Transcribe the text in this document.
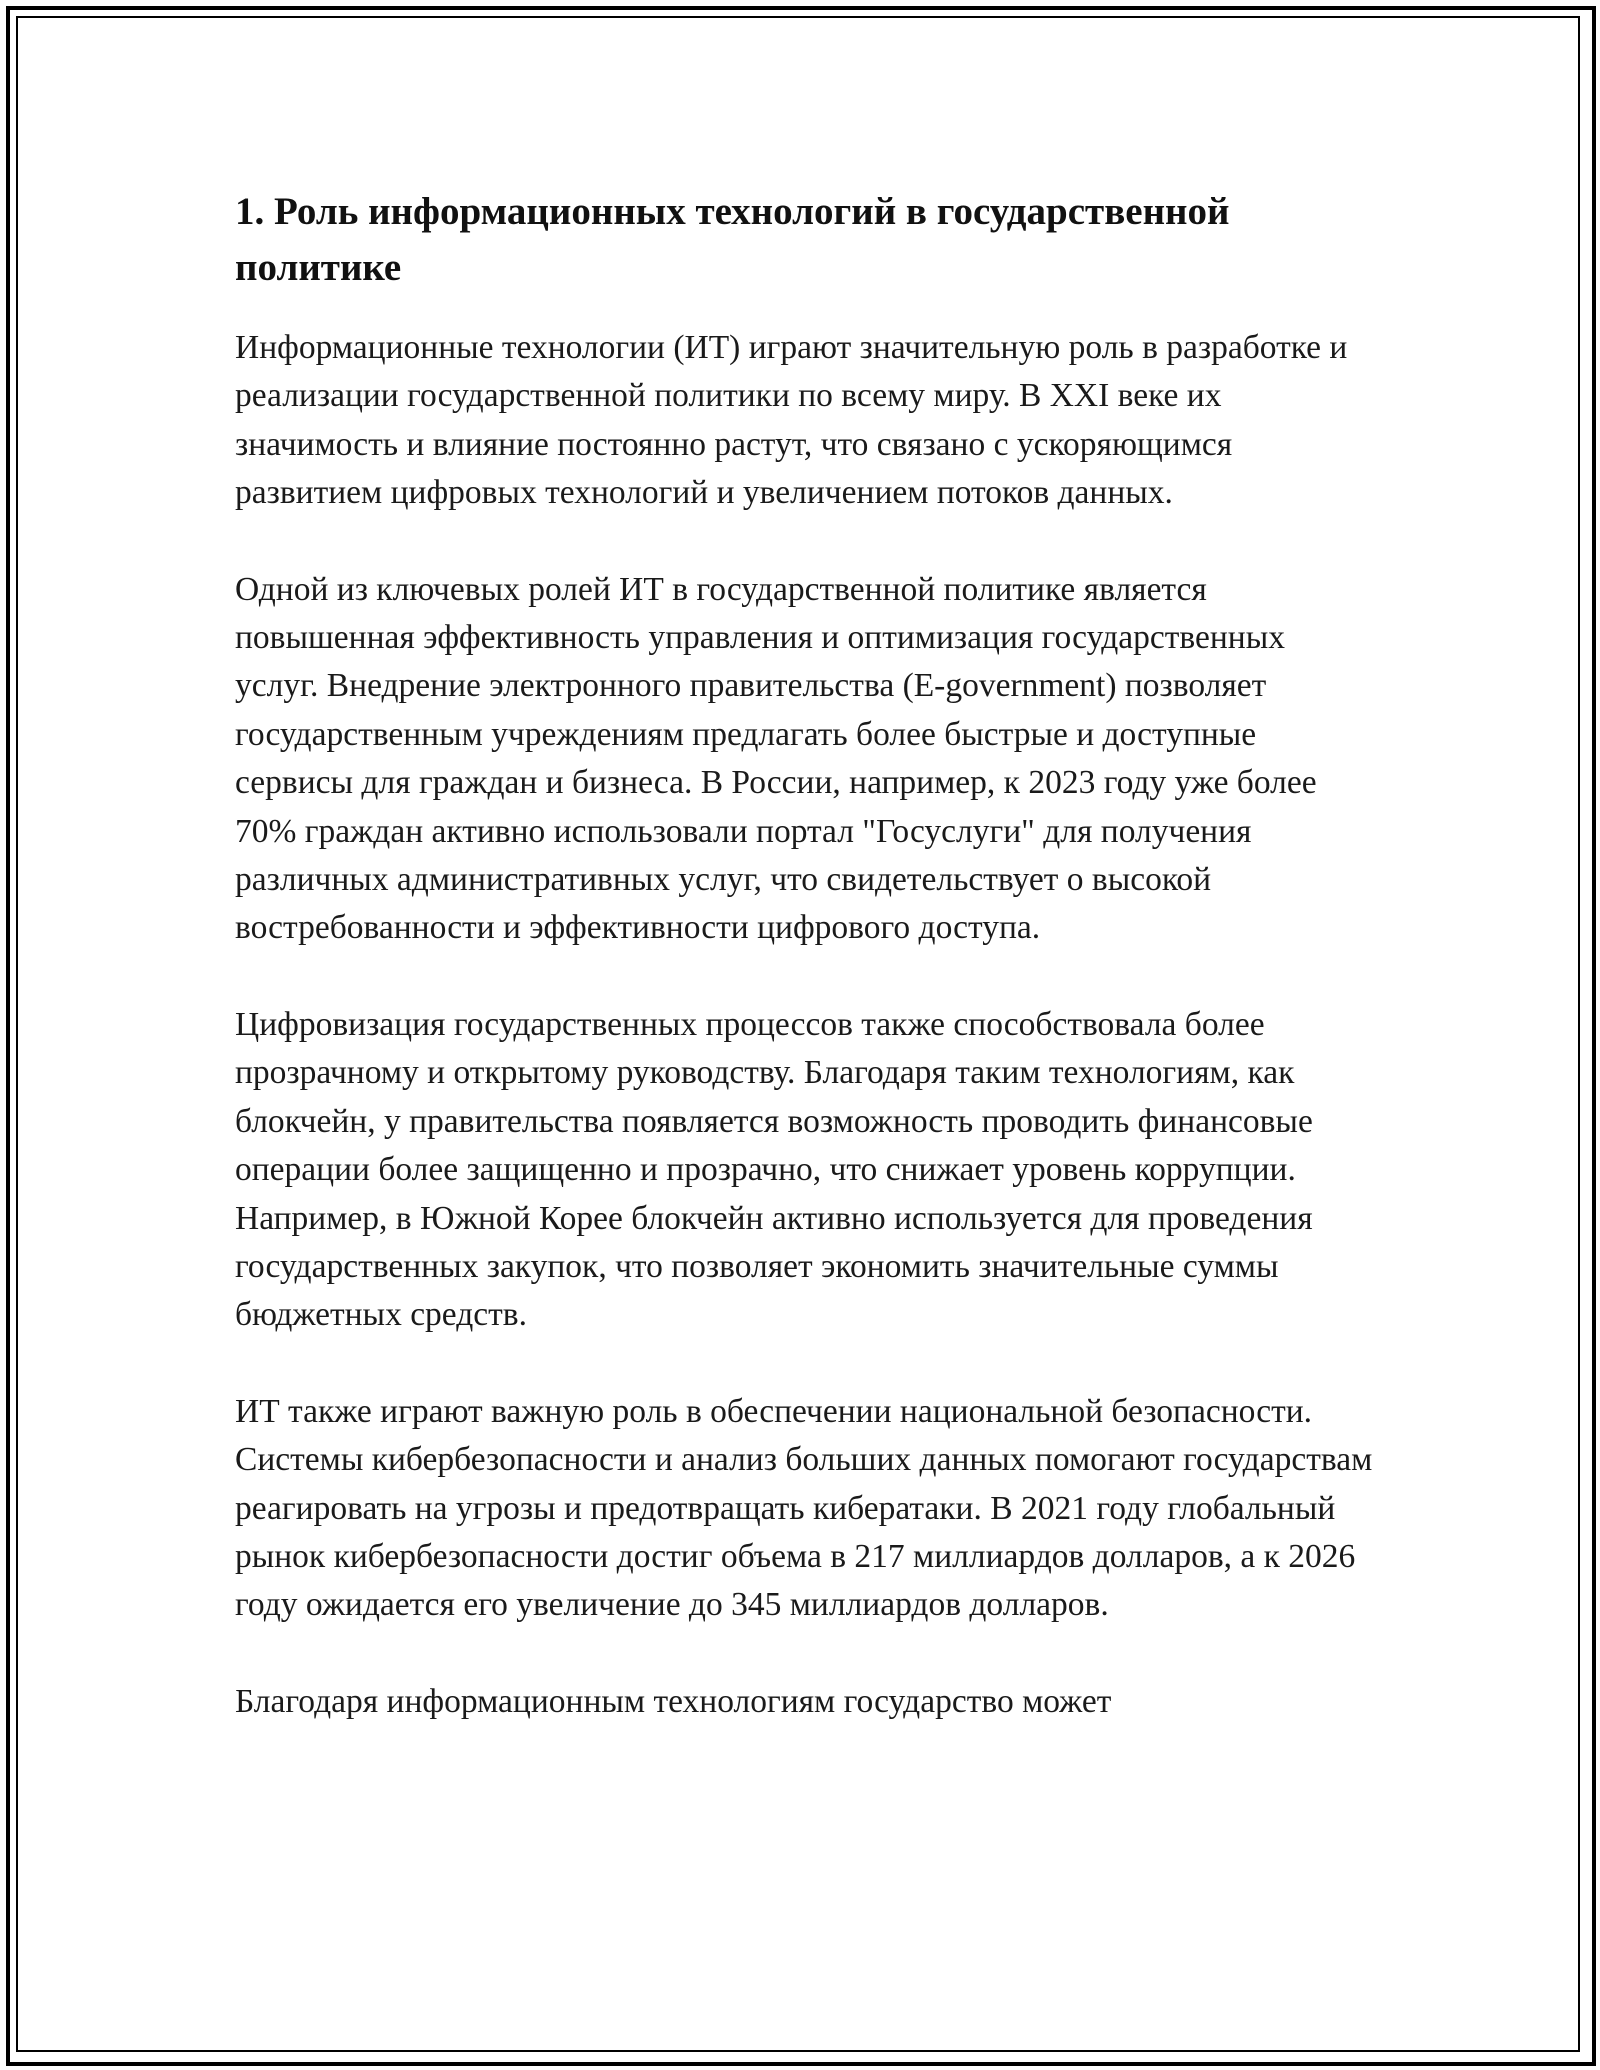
1. Роль информационных технологий в государственной политике

Информационные технологии (ИТ) играют значительную роль в разработке и реализации государственной политики по всему миру. В XXI веке их значимость и влияние постоянно растут, что связано с ускоряющимся развитием цифровых технологий и увеличением потоков данных.

Одной из ключевых ролей ИТ в государственной политике является повышенная эффективность управления и оптимизация государственных услуг. Внедрение электронного правительства (E-government) позволяет государственным учреждениям предлагать более быстрые и доступные сервисы для граждан и бизнеса. В России, например, к 2023 году уже более 70% граждан активно использовали портал "Госуслуги" для получения различных административных услуг, что свидетельствует о высокой востребованности и эффективности цифрового доступа.

Цифровизация государственных процессов также способствовала более прозрачному и открытому руководству. Благодаря таким технологиям, как блокчейн, у правительства появляется возможность проводить финансовые операции более защищенно и прозрачно, что снижает уровень коррупции. Например, в Южной Корее блокчейн активно используется для проведения государственных закупок, что позволяет экономить значительные суммы бюджетных средств.

ИТ также играют важную роль в обеспечении национальной безопасности. Системы кибербезопасности и анализ больших данных помогают государствам реагировать на угрозы и предотвращать кибератаки. В 2021 году глобальный рынок кибербезопасности достиг объема в 217 миллиардов долларов, а к 2026 году ожидается его увеличение до 345 миллиардов долларов.

Благодаря информационным технологиям государство может
